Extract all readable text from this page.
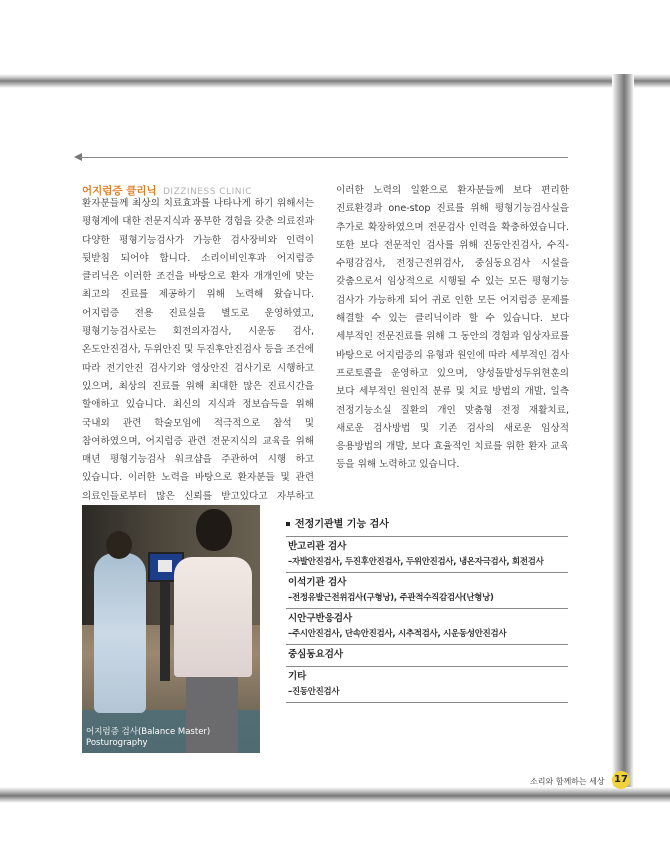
어지럼증 클리닉 DIZZINESS CLINIC
환자분들께 최상의 치료효과를 나타나게 하기 위해서는 평형계에 대한 전문지식과 풍부한 경험을 갖춘 의료진과 다양한 평형기능검사가 가능한 검사장비와 인력이 뒷받침 되어야 합니다. 소리이비인후과 어지럼증 클리닉은 이러한 조건을 바탕으로 환자 개개인에 맞는 최고의 진료를 제공하기 위해 노력해 왔습니다. 어지럼증 전용 진료실을 별도로 운영하였고, 평형기능검사로는 회전의자검사, 시운동 검사, 온도안진검사, 두위안진 및 두진후안진검사 등을 조건에 따라 전기안진 검사기와 영상안진 검사기로 시행하고 있으며, 최상의 진료를 위해 최대한 많은 진료시간을 할애하고 있습니다. 최신의 지식과 정보습득을 위해 국내외 관련 학술모임에 적극적으로 참석 및 참여하였으며, 어지럼증 관련 전문지식의 교육을 위해 매년 평형기능검사 워크샵을 주관하여 시행 하고 있습니다. 이러한 노력을 바탕으로 환자분들 및 관련 의료인들로부터 많은 신뢰를 받고있다고 자부하고
이러한 노력의 일환으로 환자분들께 보다 편리한 진료환경과 one-stop 진료를 위해 평형기능검사실을 추가로 확장하였으며 전문검사 인력을 확충하였습니다. 또한 보다 전문적인 검사를 위해 진동안진검사, 수직-수평감검사, 전정근전위검사, 중심동요검사 시설을 갖춤으로서 임상적으로 시행될 수 있는 모든 평형기능 검사가 가능하게 되어 귀로 인한 모든 어지럼증 문제를 해결할 수 있는 클리닉이라 할 수 있습니다. 보다 세부적인 전문진료를 위해 그 동안의 경험과 임상자료를 바탕으로 어지럼증의 유형과 원인에 따라 세부적인 검사 프로토콜을 운영하고 있으며, 양성돌발성두위현훈의 보다 세부적인 원인적 분류 및 치료 방법의 개발, 일측 전정기능소실 질환의 개인 맞춤형 전정 재활치료, 새로운 검사방법 및 기존 검사의 새로운 임상적 응용방법의 개발, 보다 효율적인 치료를 위한 환자 교육 등을 위해 노력하고 있습니다.
어지럼증 검사(Balance Master)
Posturography
전정기관별 기능 검사
반고리관 검사
–자발안진검사, 두진후안진검사, 두위안진검사, 냉온자극검사, 회전검사
이석기관 검사
–전정유발근전위검사(구형낭), 주관적수직감검사(난형낭)
시안구반응검사
–주시안진검사, 단속안진검사, 시추적검사, 시운동성안진검사
중심동요검사
기타
–진동안진검사
소리와 함께하는 세상 17
